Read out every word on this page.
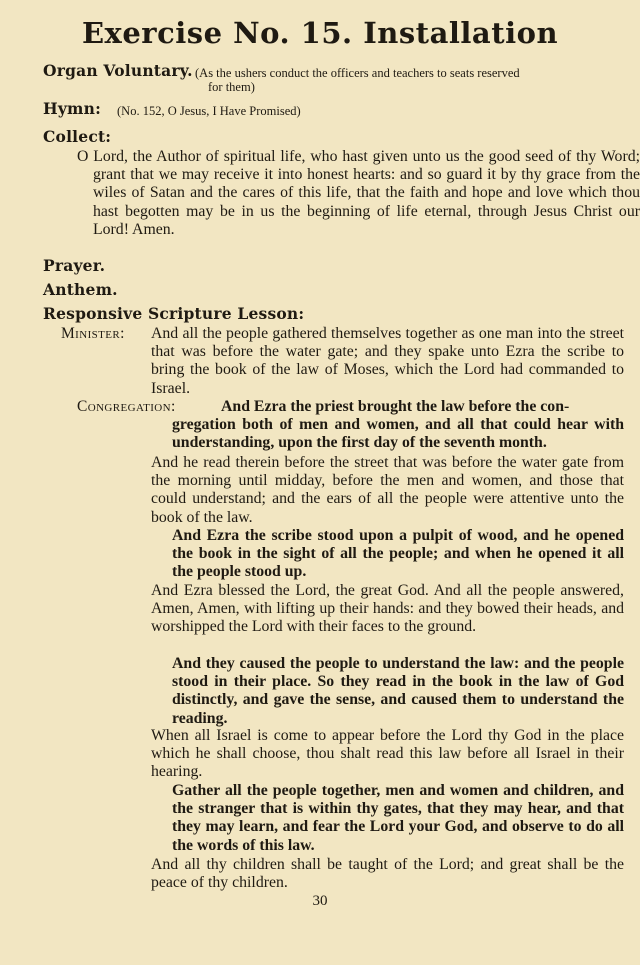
Exercise No. 15. Installation
Organ Voluntary. (As the ushers conduct the officers and teachers to seats reserved
for them)
Hymn: (No. 152, O Jesus, I Have Promised)
Collect:

O Lord, the Author of spiritual life, who hast given unto us the good seed of thy Word; grant that we may receive it into honest hearts: and so guard it by thy grace from the wiles of Satan and the cares of this life, that the faith and hope and love which thou hast begotten may be in us the beginning of life eternal, through Jesus Christ our Lord! Amen.

Prayer.
Anthem.
Responsive Scripture Lesson:
Minister: And all the people gathered themselves together as one man into the street that was before the water gate; and they spake unto Ezra the scribe to bring the book of the law of Moses, which the Lord had commanded to Israel.

Congregation:	And Ezra the priest brought the law before the con-

gregation both of men and women, and all that could hear with understanding, upon the first day of the seventh month.

And he read therein before the street that was before the water gate from the morning until midday, before the men and women, and those that could understand; and the ears of all the people were attentive unto the book of the law.

And Ezra the scribe stood upon a pulpit of wood, and he opened the book in the sight of all the people; and when he opened it all the people stood up.

And Ezra blessed the Lord, the great God. And all the people answered, Amen, Amen, with lifting up their hands: and they bowed their heads, and worshipped the Lord with their faces to the ground.

And they caused the people to understand the law: and the people stood in their place. So they read in the book in the law of God distinctly, and gave the sense, and caused them to understand the reading.

When all Israel is come to appear before the Lord thy God in the place which he shall choose, thou shalt read this law before all Israel in their hearing.

Gather all the people together, men and women and children, and the stranger that is within thy gates, that they may hear, and that they may learn, and fear the Lord your God, and observe to do all the words of this law.

And all thy children shall be taught of the Lord; and great shall be the peace of thy children.

30
